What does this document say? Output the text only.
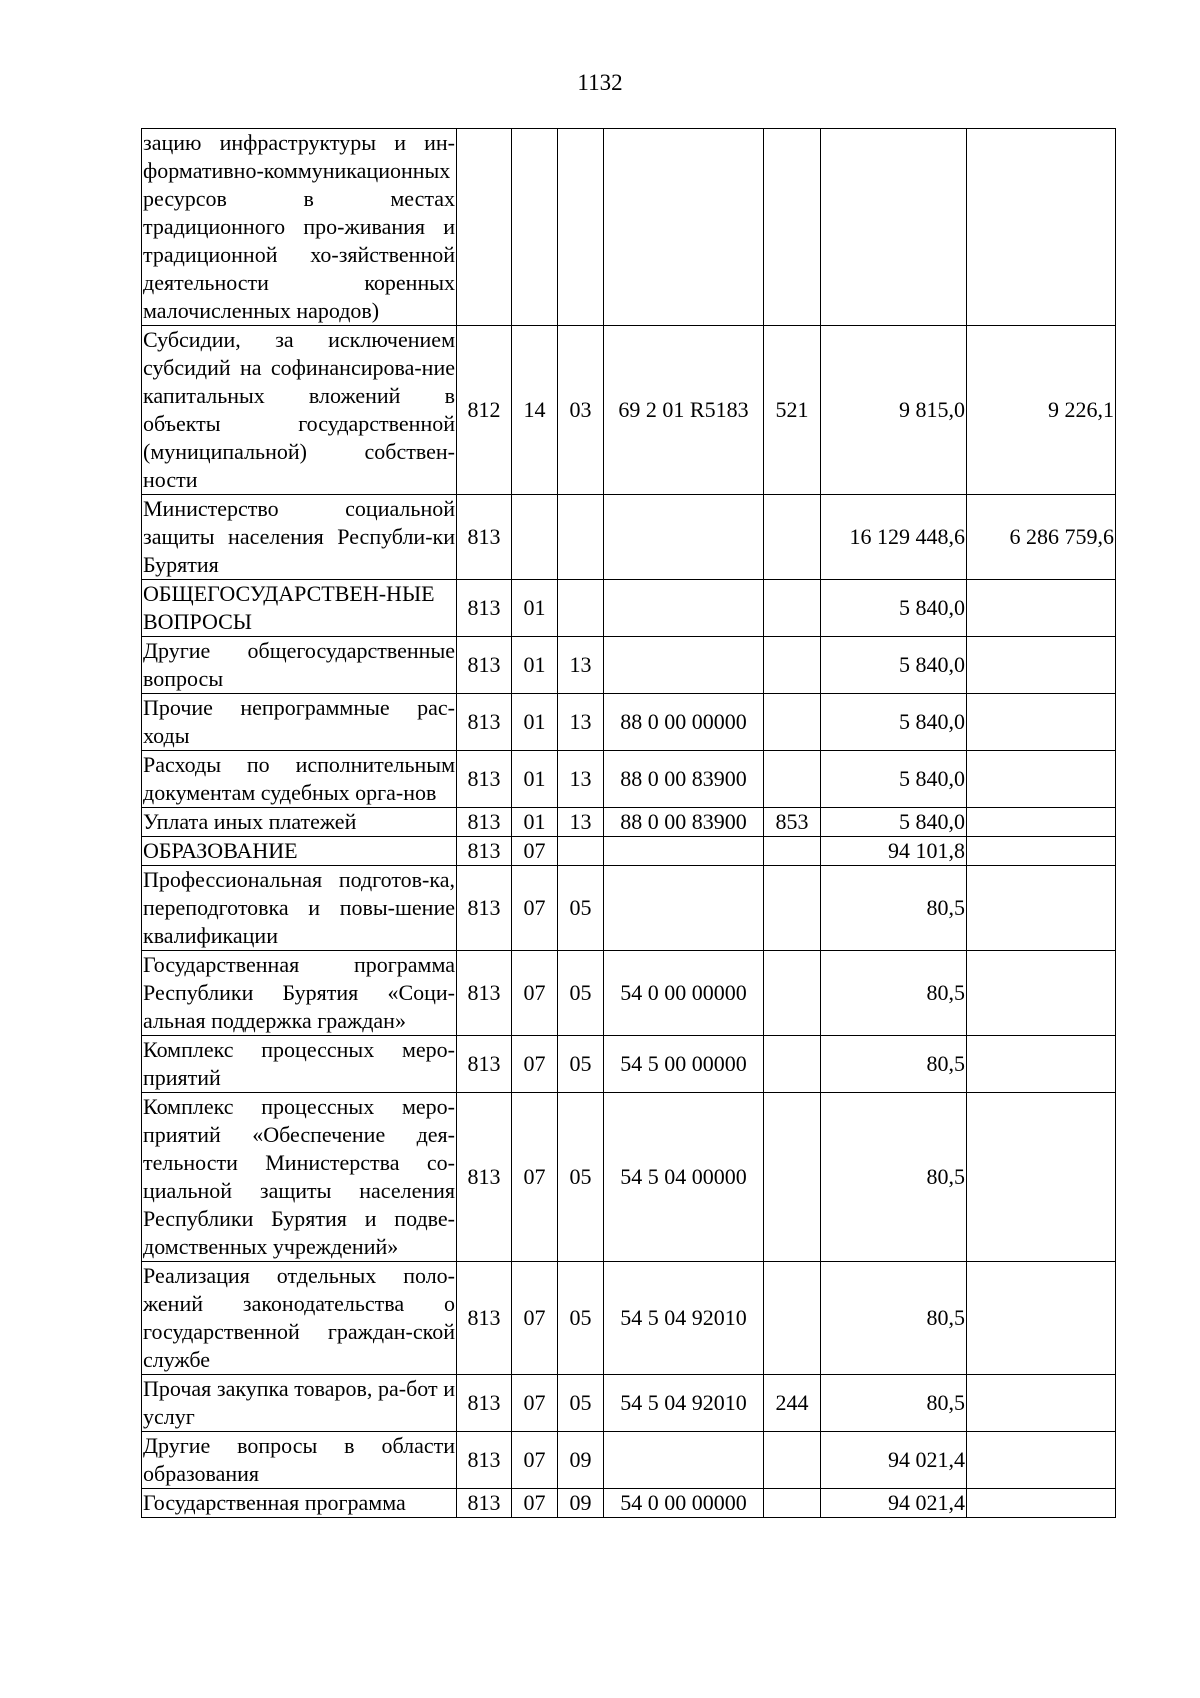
1132
зацию инфраструктуры и ин-формативно-коммуникационных ресурсов в местах традиционного про-живания и традиционной хо-зяйственной деятельности коренных малочисленных народов)							
Субсидии, за исключением субсидий на софинансирова-ние капитальных вложений в объекты государственной (муниципальной) собствен-ности	812	14	03	69 2 01 R5183	521	9 815,0	9 226,1
Министерство социальной защиты населения Республи-ки Бурятия	813					16 129 448,6	6 286 759,6
ОБЩЕГОСУДАРСТВЕН-НЫЕ ВОПРОСЫ	813	01				5 840,0	
Другие общегосударственные вопросы	813	01	13			5 840,0	
Прочие непрограммные рас-ходы	813	01	13	88 0 00 00000		5 840,0	
Расходы по исполнительным документам судебных орга-нов	813	01	13	88 0 00 83900		5 840,0	
Уплата иных платежей	813	01	13	88 0 00 83900	853	5 840,0	
ОБРАЗОВАНИЕ	813	07				94 101,8	
Профессиональная подготов-ка, переподготовка и повы-шение квалификации	813	07	05			80,5	
Государственная программа Республики Бурятия «Соци-альная поддержка граждан»	813	07	05	54 0 00 00000		80,5	
Комплекс процессных меро-приятий	813	07	05	54 5 00 00000		80,5	
Комплекс процессных меро-приятий «Обеспечение дея-тельности Министерства со-циальной защиты населения Республики Бурятия и подве-домственных учреждений»	813	07	05	54 5 04 00000		80,5	
Реализация отдельных поло-жений законодательства о государственной граждан-ской службе	813	07	05	54 5 04 92010		80,5	
Прочая закупка товаров, ра-бот и услуг	813	07	05	54 5 04 92010	244	80,5	
Другие вопросы в области образования	813	07	09			94 021,4	
Государственная программа	813	07	09	54 0 00 00000		94 021,4	
